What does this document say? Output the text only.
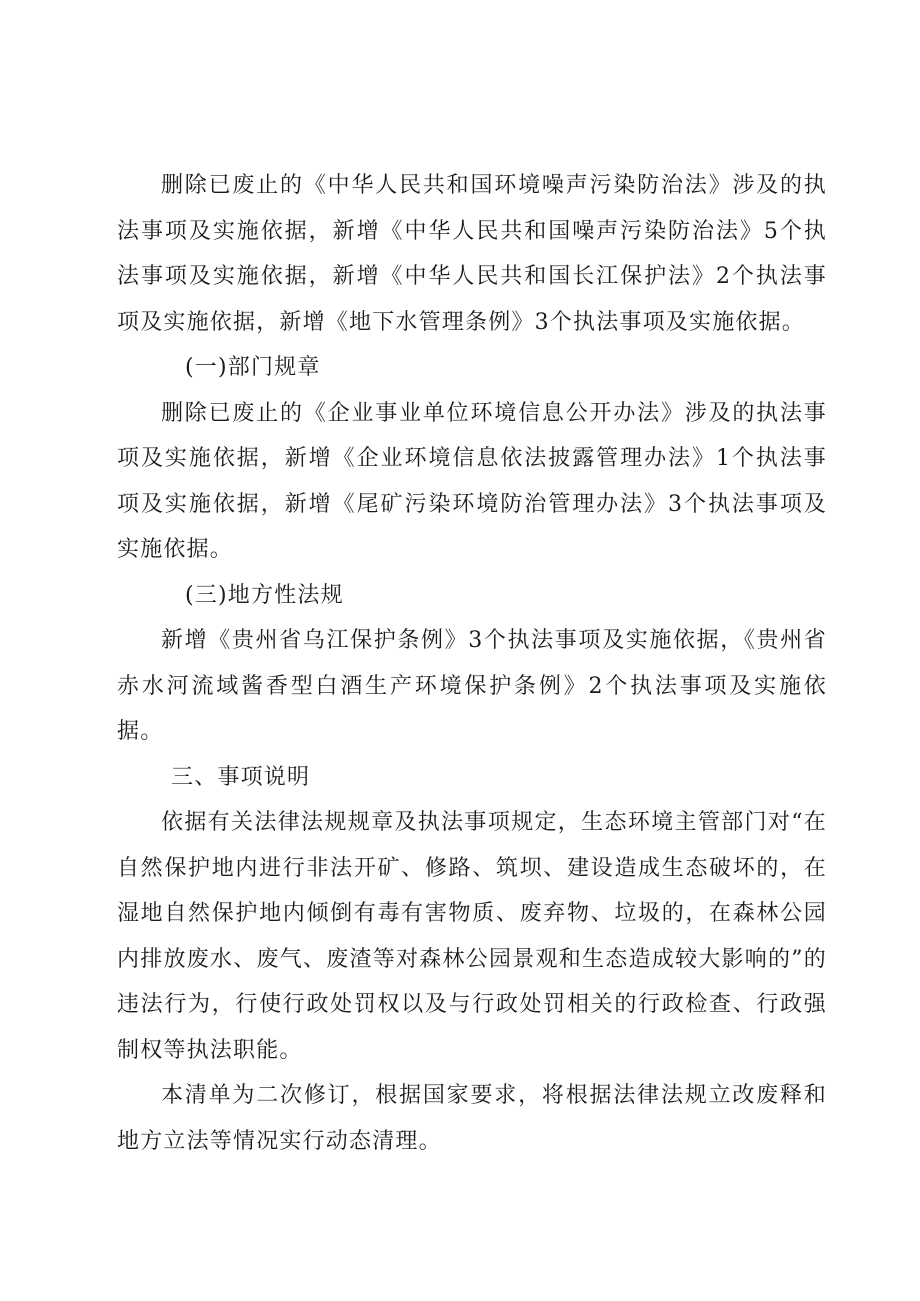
删除已废止的《中华人民共和国环境噪声污染防治法》涉及的执法事项及实施依据，新增《中华人民共和国噪声污染防治法》5个执法事项及实施依据，新增《中华人民共和国长江保护法》2个执法事项及实施依据，新增《地下水管理条例》3个执法事项及实施依据。

(一)部门规章

删除已废止的《企业事业单位环境信息公开办法》涉及的执法事项及实施依据，新增《企业环境信息依法披露管理办法》1个执法事项及实施依据，新增《尾矿污染环境防治管理办法》3个执法事项及实施依据。

(三)地方性法规

新增《贵州省乌江保护条例》3个执法事项及实施依据，《贵州省赤水河流域酱香型白酒生产环境保护条例》2个执法事项及实施依据。

三、事项说明

依据有关法律法规规章及执法事项规定，生态环境主管部门对“在自然保护地内进行非法开矿、修路、筑坝、建设造成生态破坏的，在湿地自然保护地内倾倒有毒有害物质、废弃物、垃圾的，在森林公园内排放废水、废气、废渣等对森林公园景观和生态造成较大影响的”的违法行为，行使行政处罚权以及与行政处罚相关的行政检查、行政强制权等执法职能。

本清单为二次修订，根据国家要求，将根据法律法规立改废释和地方立法等情况实行动态清理。
